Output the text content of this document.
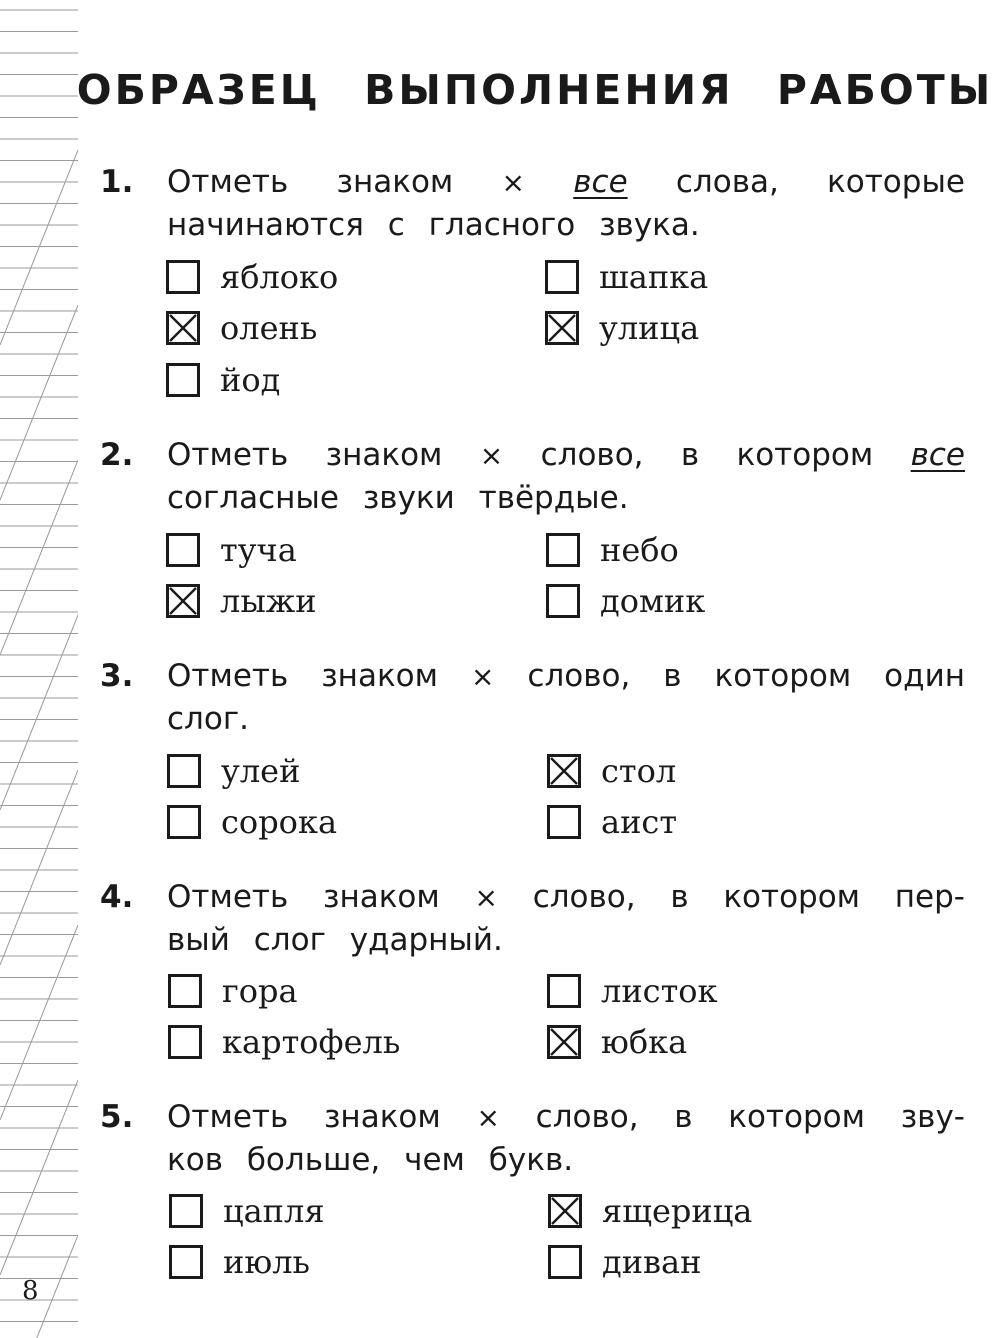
ОБРАЗЕЦ ВЫПОЛНЕНИЯ РАБОТЫ
1. Отметь знаком × все слова, которые
начинаются с гласного звука.
яблоко	шапка
олень	улица
йод
2. Отметь знаком × слово, в котором все
согласные звуки твёрдые.
туча	небо
лыжи	домик
3. Отметь знаком × слово, в котором один
слог.
улей	стол
сорока	аист
4. Отметь знаком × слово, в котором пер-
вый слог ударный.
гора	листок
картофель	юбка
5. Отметь знаком × слово, в котором зву-
ков больше, чем букв.
цапля	ящерица
июль	диван
8
